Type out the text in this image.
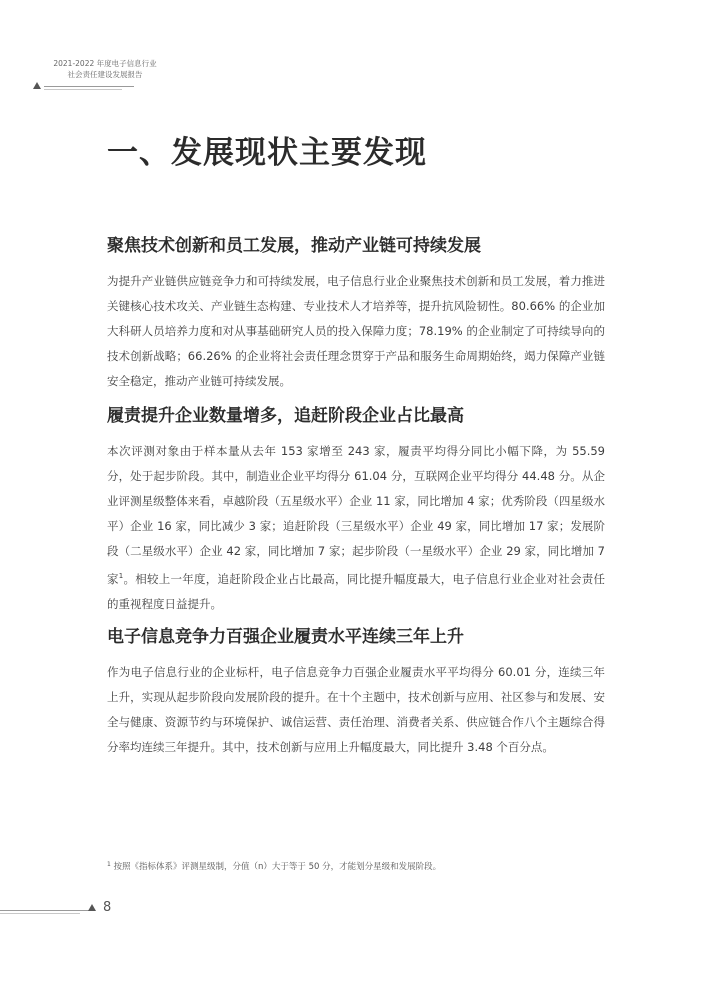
2021-2022 年度电子信息行业
社会责任建设发展报告
一、发展现状主要发现
聚焦技术创新和员工发展，推动产业链可持续发展

为提升产业链供应链竞争力和可持续发展，电子信息行业企业聚焦技术创新和员工发展，着力推进关键核心技术攻关、产业链生态构建、专业技术人才培养等，提升抗风险韧性。80.66% 的企业加大科研人员培养力度和对从事基础研究人员的投入保障力度；78.19% 的企业制定了可持续导向的技术创新战略；66.26% 的企业将社会责任理念贯穿于产品和服务生命周期始终，竭力保障产业链安全稳定，推动产业链可持续发展。

履责提升企业数量增多，追赶阶段企业占比最高

本次评测对象由于样本量从去年 153 家增至 243 家，履责平均得分同比小幅下降，为 55.59 分，处于起步阶段。其中，制造业企业平均得分 61.04 分，互联网企业平均得分 44.48 分。从企业评测星级整体来看，卓越阶段（五星级水平）企业 11 家，同比增加 4 家；优秀阶段（四星级水平）企业 16 家，同比减少 3 家；追赶阶段（三星级水平）企业 49 家，同比增加 17 家；发展阶段（二星级水平）企业 42 家，同比增加 7 家；起步阶段（一星级水平）企业 29 家，同比增加 7 家$^1$。相较上一年度，追赶阶段企业占比最高，同比提升幅度最大，电子信息行业企业对社会责任的重视程度日益提升。

电子信息竞争力百强企业履责水平连续三年上升

作为电子信息行业的企业标杆，电子信息竞争力百强企业履责水平平均得分 60.01 分，连续三年上升，实现从起步阶段向发展阶段的提升。在十个主题中，技术创新与应用、社区参与和发展、安全与健康、资源节约与环境保护、诚信运营、责任治理、消费者关系、供应链合作八个主题综合得分率均连续三年提升。其中，技术创新与应用上升幅度最大，同比提升 3.48 个百分点。

$^1$ 按照《指标体系》评测星级制，分值（n）大于等于 50 分，才能划分星级和发展阶段。
8
